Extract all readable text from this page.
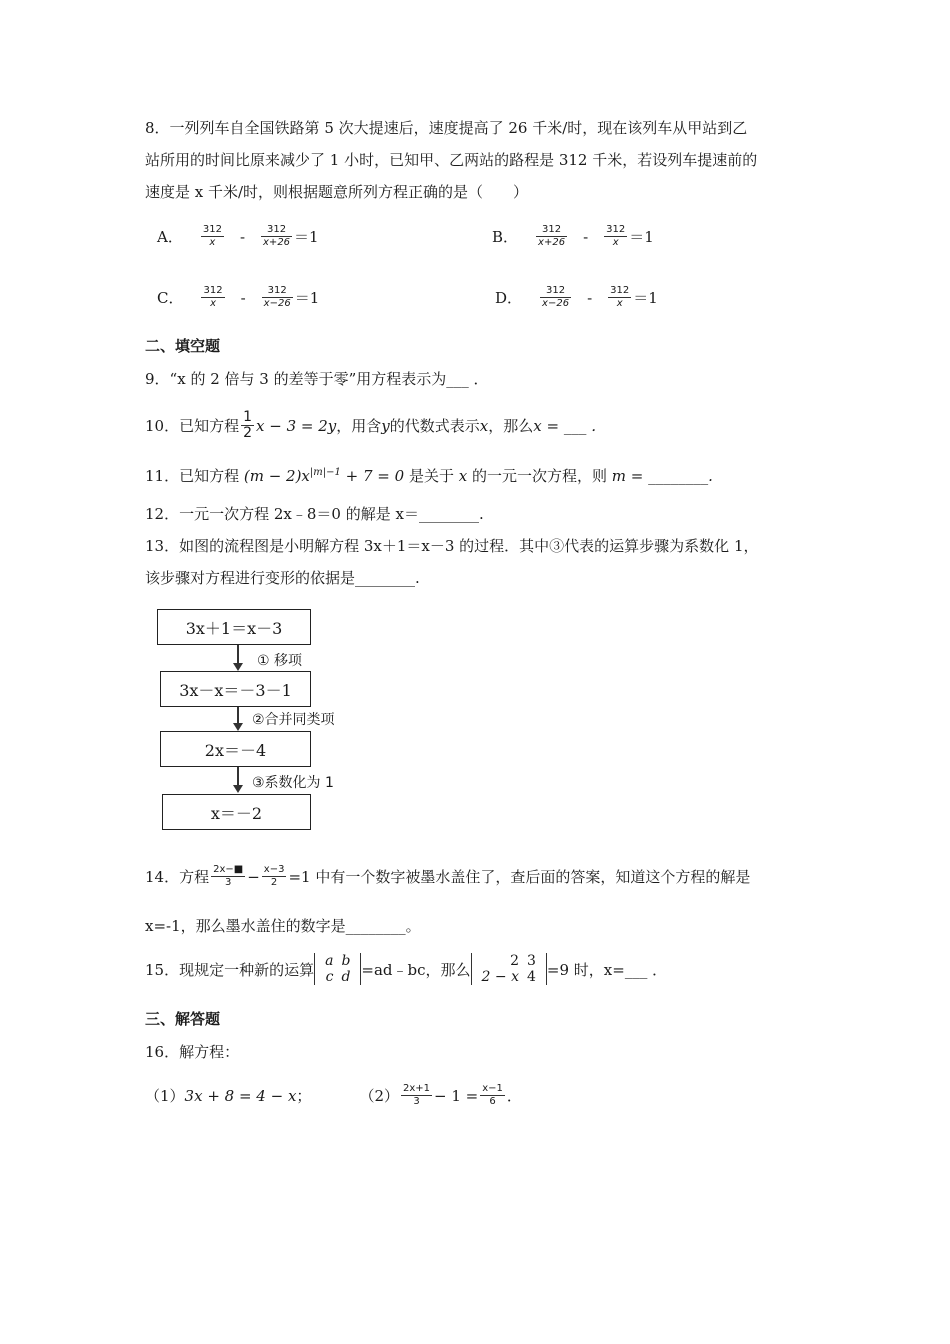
8．一列列车自全国铁路第 5 次大提速后，速度提高了 26 千米/时，现在该列车从甲站到乙
站所用的时间比原来减少了 1 小时，已知甲、乙两站的路程是 312 千米，若设列车提速前的
速度是 x 千米/时，则根据题意所列方程正确的是（　　）
A． $\frac{312}{x} - \frac{312}{x+26} =1$	B． $\frac{312}{x+26} - \frac{312}{x} =1$
C． $\frac{312}{x} - \frac{312}{x-26} =1$	D． $\frac{312}{x-26} - \frac{312}{x} =1$
二、填空题
9．“x 的 2 倍与 3 的差等于零”用方程表示为___ ．
10．已知方程 $\frac{1}{2}$ x − 3 = 2y ，用含 y 的代数式表示 x ，那么 x = ___ ．
11．已知方程 $(m - 2)x^{|m|-1} + 7 = 0$ 是关于 x 的一元一次方程，则 m = ________.
12．一元一次方程 2x﹣8＝0 的解是 x＝________.
13．如图的流程图是小明解方程 3x＋1＝x－3 的过程．其中③代表的运算步骤为系数化 1，
该步骤对方程进行变形的依据是________.
3x＋1＝x－3
① 移项
3x－x＝－3－1
②合并同类项
2x＝－4
③系数化为 1
x＝－2
14．方程 $\frac{2x-■}{3} - \frac{x-3}{2} =1$ 中有一个数字被墨水盖住了，查后面的答案，知道这个方程的解是
x=-1，那么墨水盖住的数字是________。
15．现规定一种新的运算 a	b
c	d =ad﹣bc，那么	2	3
2 − x	4 =9 时，x=___ ．
三、解答题
16．解方程：
（1） 3x + 8 = 4 − x ；	$(2) \frac{2x+1}{3} - 1 = \frac{x-1}{6}$ ．
